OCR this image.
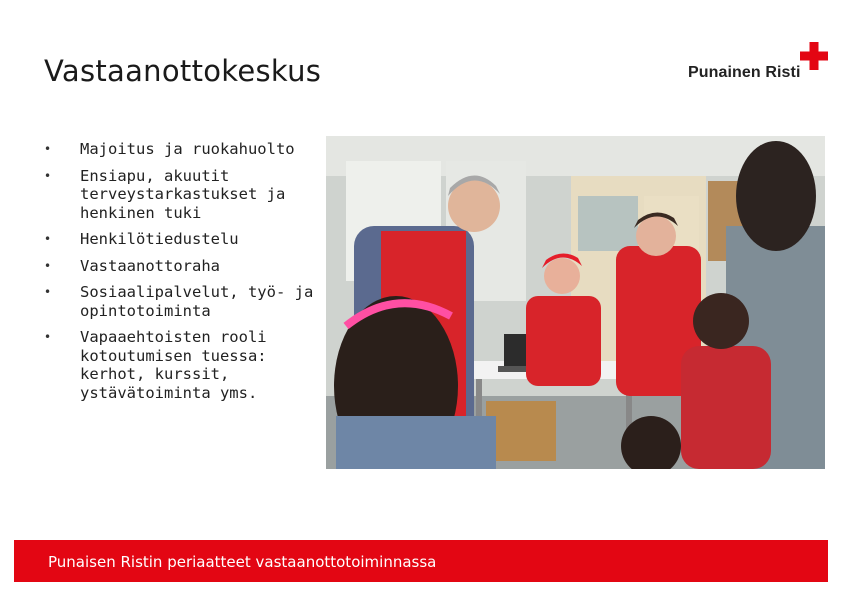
Vastaanottokeskus	Punainen Risti
• Majoitus ja ruokahuolto
• Ensiapu, akuutit terveystarkastukset ja henkinen tuki
• Henkilötiedustelu
• Vastaanottoraha
• Sosiaalipalvelut, työ- ja opintotoiminta
• Vapaaehtoisten rooli kotoutumisen tuessa: kerhot, kurssit, ystävätoiminta yms.
Punaisen Ristin periaatteet vastaanottotoiminnassa
